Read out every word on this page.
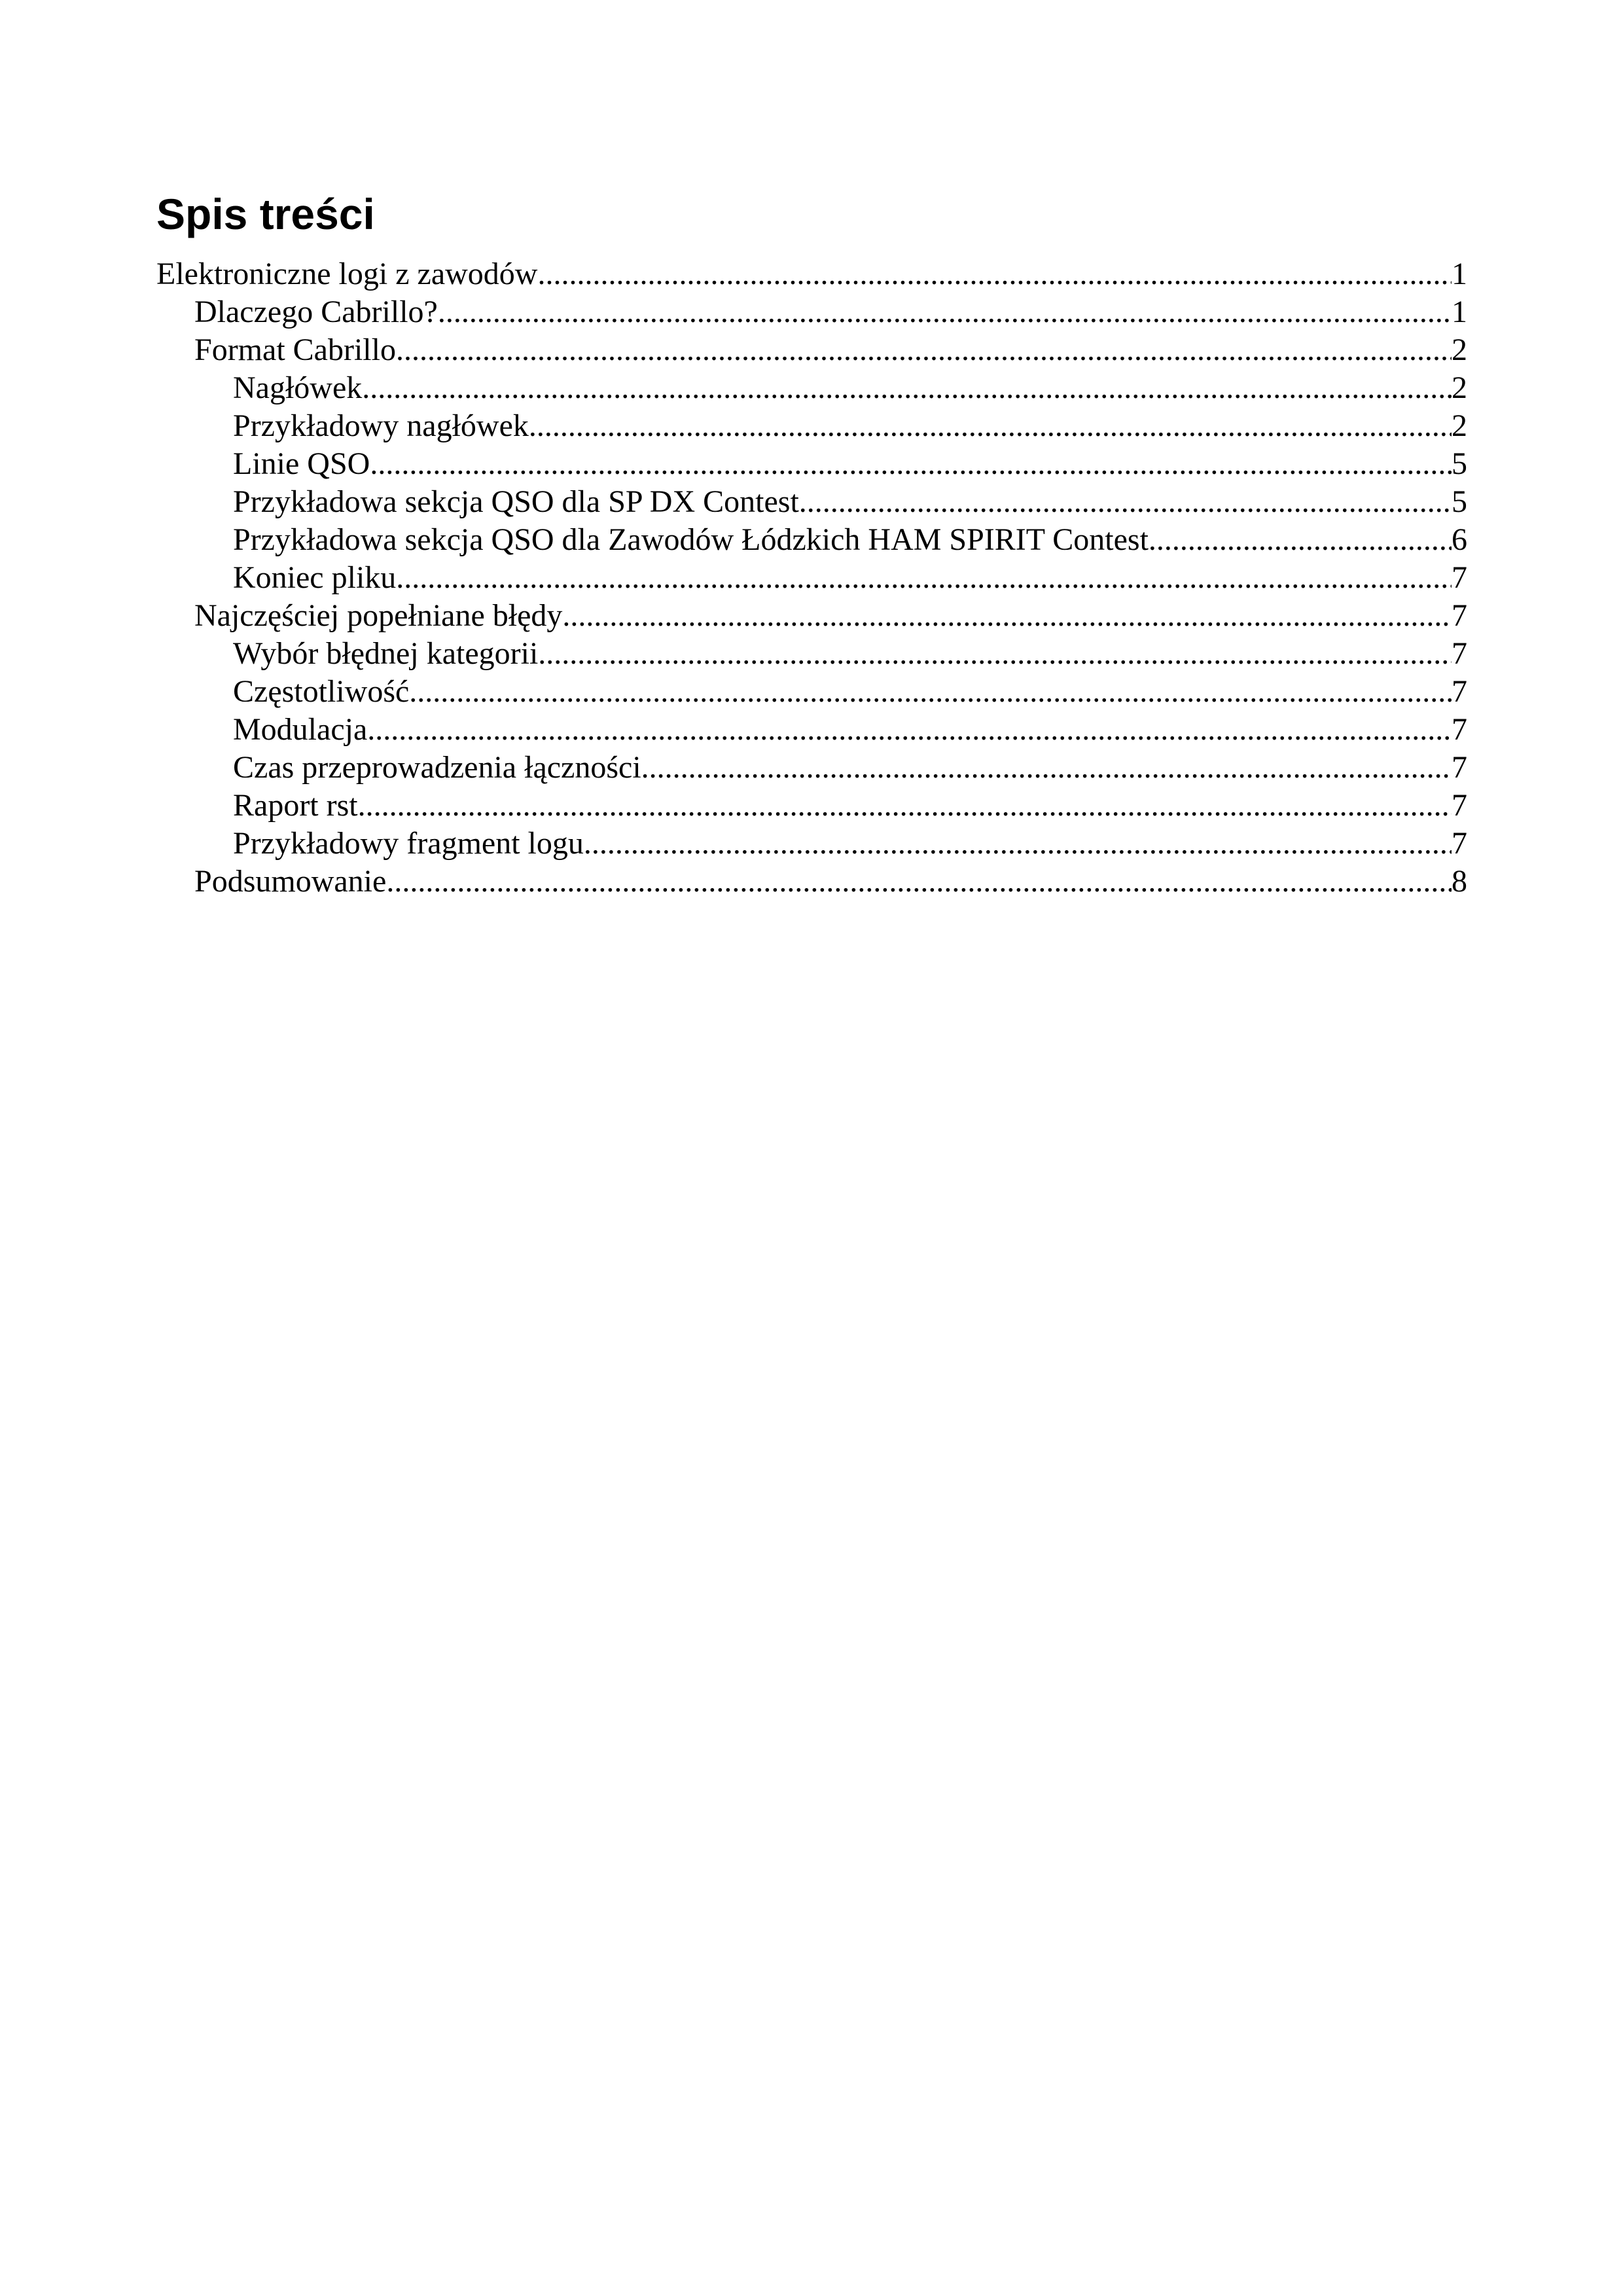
Spis treści
Elektroniczne logi z zawodów .....	1
Dlaczego Cabrillo? .....	1
Format Cabrillo .....	2
Nagłówek .....	2
Przykładowy nagłówek .....	2
Linie QSO .....	5
Przykładowa sekcja QSO dla SP DX Contest .....	5
Przykładowa sekcja QSO dla Zawodów Łódzkich HAM SPIRIT Contest .....	6
Koniec pliku .....	7
Najczęściej popełniane błędy .....	7
Wybór błędnej kategorii .....	7
Częstotliwość .....	7
Modulacja .....	7
Czas przeprowadzenia łączności .....	7
Raport rst .....	7
Przykładowy fragment logu .....	7
Podsumowanie .....	8
